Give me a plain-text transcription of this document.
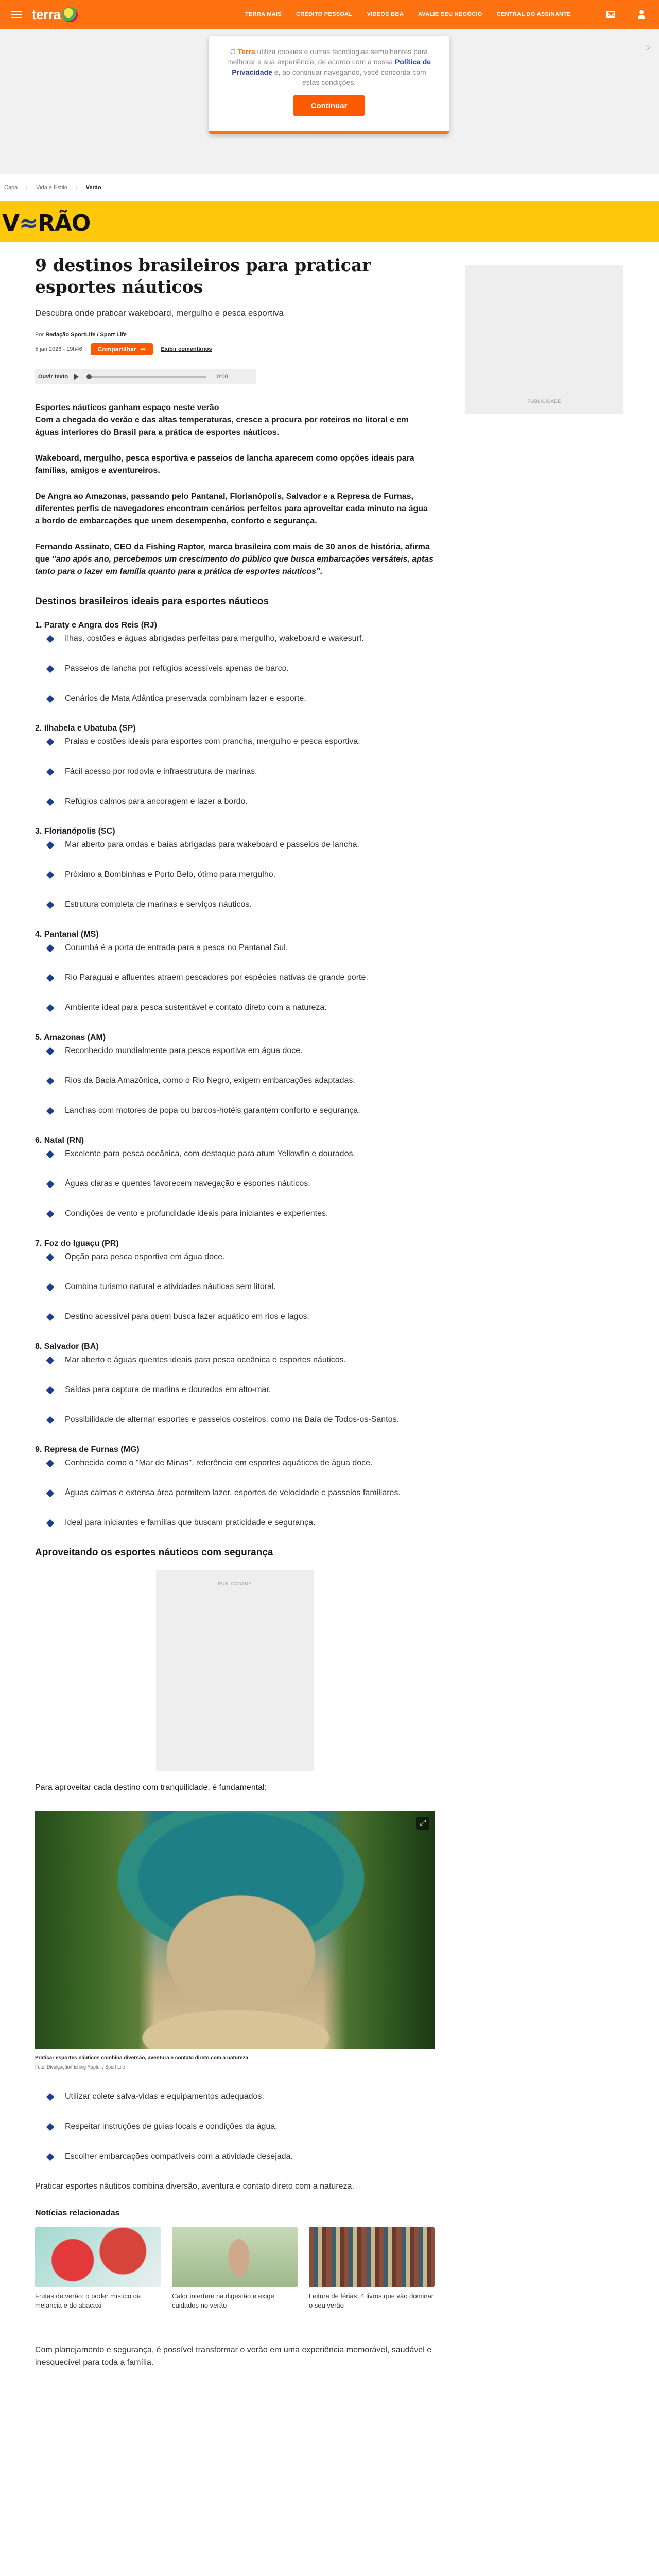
terra	TERRA MAIS	CRÉDITO PESSOAL	VIDEOS BBA	AVALIE SEU NEGÓCIO	CENTRAL DO ASSINANTE
▷

O Terra utiliza cookies e outras tecnologias semelhantes para melhorar a sua experiência, de acordo com a nossa Política de Privacidade e, ao continuar navegando, você concorda com estas condições.

Continuar
Capa › Vida e Estilo › Verão
V≈RÃO
PUBLICIDADE
9 destinos brasileiros para praticar esportes náuticos

Descubra onde praticar wakeboard, mergulho e pesca esportiva

Por Redação SportLife / Sport Life

5 jan 2026 - 19h46	Compartilhar ➦	Exibir comentários
Ouvir texto	0:00

Esportes náuticos ganham espaço neste verão
Com a chegada do verão e das altas temperaturas, cresce a procura por roteiros no litoral e em águas interiores do Brasil para a prática de esportes náuticos.

Wakeboard, mergulho, pesca esportiva e passeios de lancha aparecem como opções ideais para famílias, amigos e aventureiros.

De Angra ao Amazonas, passando pelo Pantanal, Florianópolis, Salvador e a Represa de Furnas, diferentes perfis de navegadores encontram cenários perfeitos para aproveitar cada minuto na água a bordo de embarcações que unem desempenho, conforto e segurança.

Fernando Assinato, CEO da Fishing Raptor, marca brasileira com mais de 30 anos de história, afirma que "ano após ano, percebemos um crescimento do público que busca embarcações versáteis, aptas tanto para o lazer em família quanto para a prática de esportes náuticos".

Destinos brasileiros ideais para esportes náuticos
1. Paraty e Angra dos Reis (RJ)
Ilhas, costões e águas abrigadas perfeitas para mergulho, wakeboard e wakesurf.
Passeios de lancha por refúgios acessíveis apenas de barco.
Cenários de Mata Atlântica preservada combinam lazer e esporte.
2. Ilhabela e Ubatuba (SP)
Praias e costões ideais para esportes com prancha, mergulho e pesca esportiva.
Fácil acesso por rodovia e infraestrutura de marinas.
Refúgios calmos para ancoragem e lazer a bordo.
3. Florianópolis (SC)
Mar aberto para ondas e baías abrigadas para wakeboard e passeios de lancha.
Próximo a Bombinhas e Porto Belo, ótimo para mergulho.
Estrutura completa de marinas e serviços náuticos.
4. Pantanal (MS)
Corumbá é a porta de entrada para a pesca no Pantanal Sul.
Rio Paraguai e afluentes atraem pescadores por espécies nativas de grande porte.
Ambiente ideal para pesca sustentável e contato direto com a natureza.
5. Amazonas (AM)
Reconhecido mundialmente para pesca esportiva em água doce.
Rios da Bacia Amazônica, como o Rio Negro, exigem embarcações adaptadas.
Lanchas com motores de popa ou barcos-hotéis garantem conforto e segurança.
6. Natal (RN)
Excelente para pesca oceânica, com destaque para atum Yellowfin e dourados.
Águas claras e quentes favorecem navegação e esportes náuticos.
Condições de vento e profundidade ideais para iniciantes e experientes.
7. Foz do Iguaçu (PR)
Opção para pesca esportiva em água doce.
Combina turismo natural e atividades náuticas sem litoral.
Destino acessível para quem busca lazer aquático em rios e lagos.
8. Salvador (BA)
Mar aberto e águas quentes ideais para pesca oceânica e esportes náuticos.
Saídas para captura de marlins e dourados em alto-mar.
Possibilidade de alternar esportes e passeios costeiros, como na Baía de Todos-os-Santos.
9. Represa de Furnas (MG)
Conhecida como o "Mar de Minas", referência em esportes aquáticos de água doce.
Águas calmas e extensa área permitem lazer, esportes de velocidade e passeios familiares.
Ideal para iniciantes e famílias que buscam praticidade e segurança.
Aproveitando os esportes náuticos com segurança
PUBLICIDADE

Para aproveitar cada destino com tranquilidade, é fundamental:

⤢

Praticar esportes náuticos combina diversão, aventura e contato direto com a natureza

Foto: Divulgação/Fishing Raptor / Sport Life

Utilizar colete salva-vidas e equipamentos adequados.
Respeitar instruções de guias locais e condições da água.
Escolher embarcações compatíveis com a atividade desejada.

Praticar esportes náuticos combina diversão, aventura e contato direto com a natureza.

Notícias relacionadas

Frutas de verão: o poder místico da melancia e do abacaxi

Calor interfere na digestão e exige cuidados no verão

Leitura de férias: 4 livros que vão dominar o seu verão

Com planejamento e segurança, é possível transformar o verão em uma experiência memorável, saudável e inesquecível para toda a família.
